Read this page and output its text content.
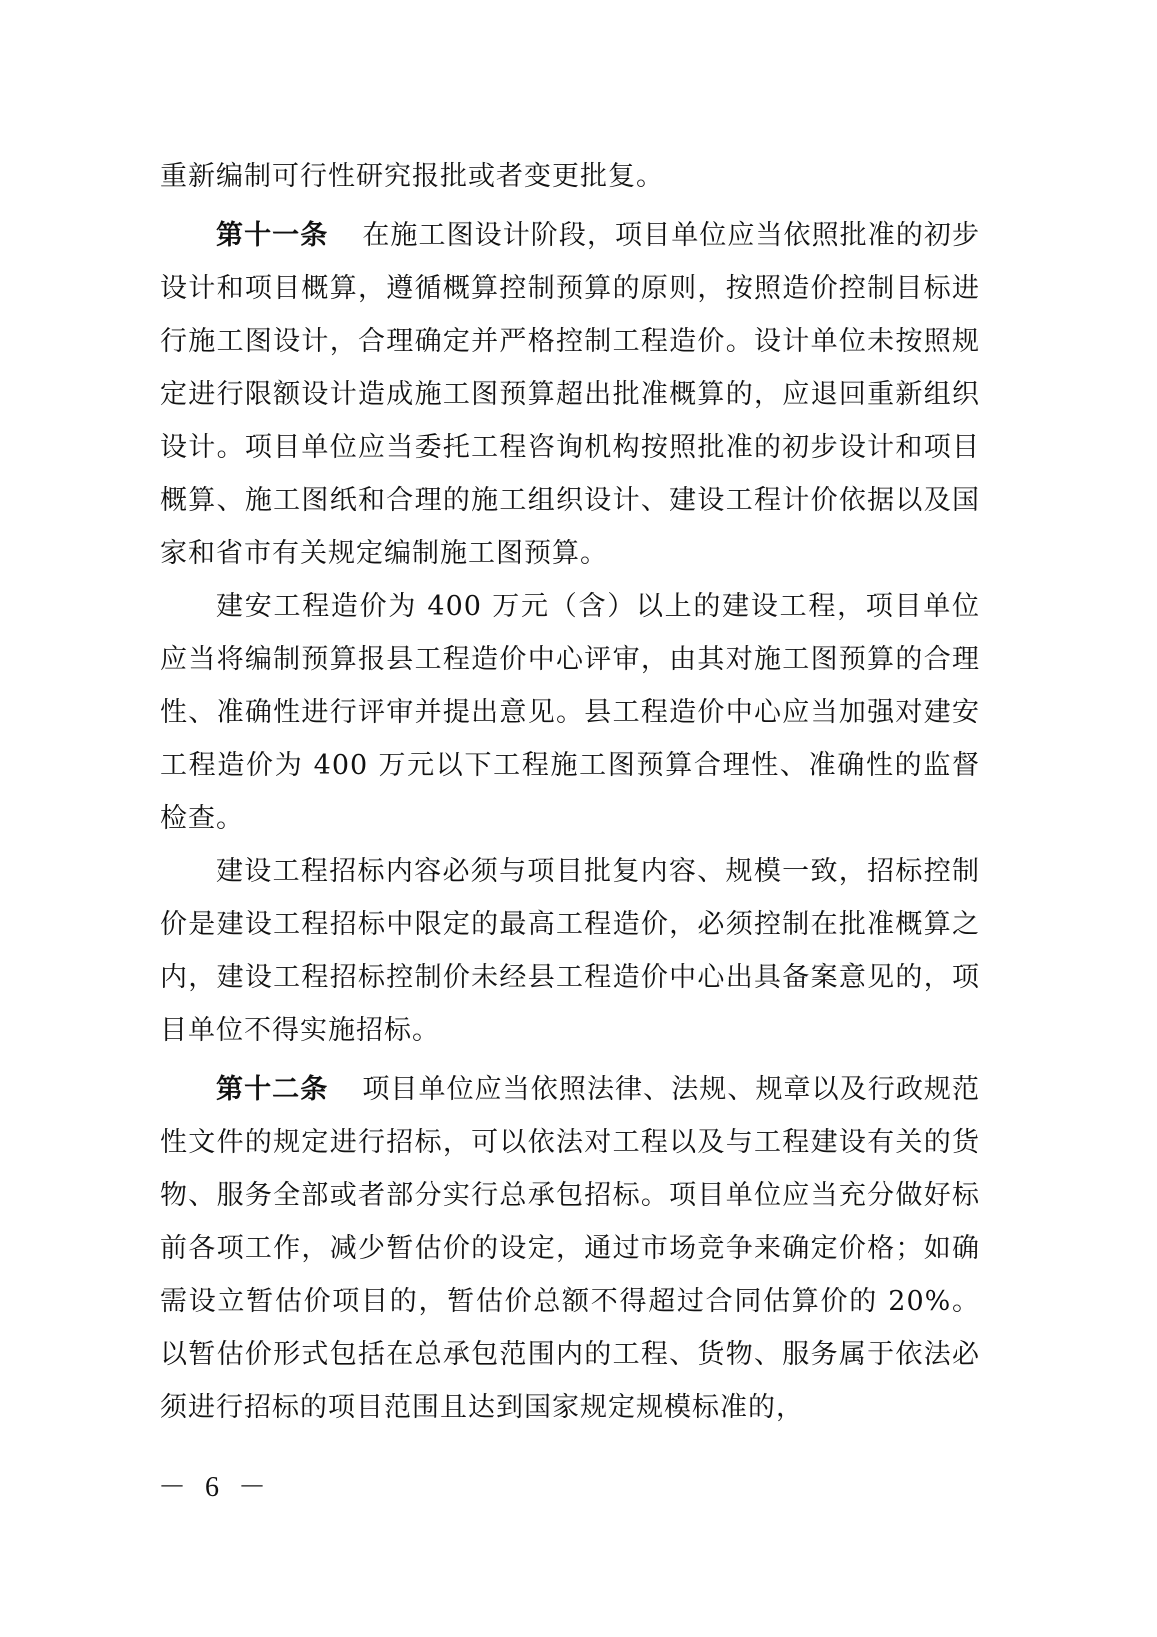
重新编制可行性研究报批或者变更批复。

第十一条 在施工图设计阶段，项目单位应当依照批准的初步设计和项目概算，遵循概算控制预算的原则，按照造价控制目标进行施工图设计，合理确定并严格控制工程造价。设计单位未按照规定进行限额设计造成施工图预算超出批准概算的，应退回重新组织设计。项目单位应当委托工程咨询机构按照批准的初步设计和项目概算、施工图纸和合理的施工组织设计、建设工程计价依据以及国家和省市有关规定编制施工图预算。

建安工程造价为 400 万元（含）以上的建设工程，项目单位应当将编制预算报县工程造价中心评审，由其对施工图预算的合理性、准确性进行评审并提出意见。县工程造价中心应当加强对建安工程造价为 400 万元以下工程施工图预算合理性、准确性的监督检查。

建设工程招标内容必须与项目批复内容、规模一致，招标控制价是建设工程招标中限定的最高工程造价，必须控制在批准概算之内，建设工程招标控制价未经县工程造价中心出具备案意见的，项目单位不得实施招标。

第十二条 项目单位应当依照法律、法规、规章以及行政规范性文件的规定进行招标，可以依法对工程以及与工程建设有关的货物、服务全部或者部分实行总承包招标。项目单位应当充分做好标前各项工作，减少暂估价的设定，通过市场竞争来确定价格；如确需设立暂估价项目的，暂估价总额不得超过合同估算价的 20%。以暂估价形式包括在总承包范围内的工程、货物、服务属于依法必须进行招标的项目范围且达到国家规定规模标准的，

－ 6 －
